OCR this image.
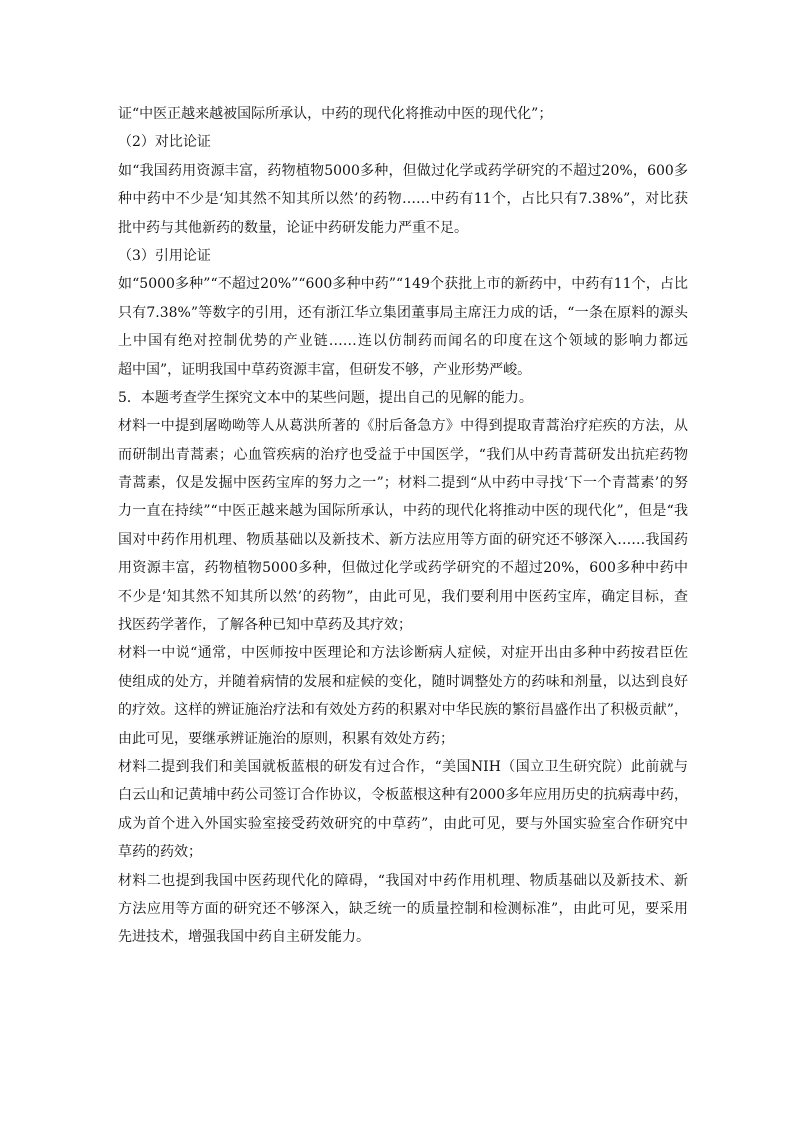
证“中医正越来越被国际所承认，中药的现代化将推动中医的现代化”；
（2）对比论证
如“我国药用资源丰富，药物植物5000多种，但做过化学或药学研究的不超过20%，600多
种中药中不少是‘知其然不知其所以然’的药物……中药有11个，占比只有7.38%”，对比获
批中药与其他新药的数量，论证中药研发能力严重不足。
（3）引用论证
如“5000多种”“不超过20%”“600多种中药”“149个获批上市的新药中，中药有11个，占比
只有7.38%”等数字的引用，还有浙江华立集团董事局主席汪力成的话，“一条在原料的源头
上中国有绝对控制优势的产业链……连以仿制药而闻名的印度在这个领域的影响力都远
超中国”，证明我国中草药资源丰富，但研发不够，产业形势严峻。
5．本题考查学生探究文本中的某些问题，提出自己的见解的能力。
材料一中提到屠呦呦等人从葛洪所著的《肘后备急方》中得到提取青蒿治疗疟疾的方法，从
而研制出青蒿素；心血管疾病的治疗也受益于中国医学，“我们从中药青蒿研发出抗疟药物
青蒿素，仅是发掘中医药宝库的努力之一”；材料二提到“从中药中寻找‘下一个青蒿素’的努
力一直在持续”“中医正越来越为国际所承认，中药的现代化将推动中医的现代化”，但是“我
国对中药作用机理、物质基础以及新技术、新方法应用等方面的研究还不够深入……我国药
用资源丰富，药物植物5000多种，但做过化学或药学研究的不超过20%，600多种中药中
不少是‘知其然不知其所以然’的药物”，由此可见，我们要利用中医药宝库，确定目标，查
找医药学著作，了解各种已知中草药及其疗效；
材料一中说“通常，中医师按中医理论和方法诊断病人症候，对症开出由多种中药按君臣佐
使组成的处方，并随着病情的发展和症候的变化，随时调整处方的药味和剂量，以达到良好
的疗效。这样的辨证施治疗法和有效处方药的积累对中华民族的繁衍昌盛作出了积极贡献”，
由此可见，要继承辨证施治的原则，积累有效处方药；
材料二提到我们和美国就板蓝根的研发有过合作，“美国NIH（国立卫生研究院）此前就与
白云山和记黄埔中药公司签订合作协议，令板蓝根这种有2000多年应用历史的抗病毒中药，
成为首个进入外国实验室接受药效研究的中草药”，由此可见，要与外国实验室合作研究中
草药的药效；
材料二也提到我国中医药现代化的障碍，“我国对中药作用机理、物质基础以及新技术、新
方法应用等方面的研究还不够深入，缺乏统一的质量控制和检测标准”，由此可见，要采用
先进技术，增强我国中药自主研发能力。
